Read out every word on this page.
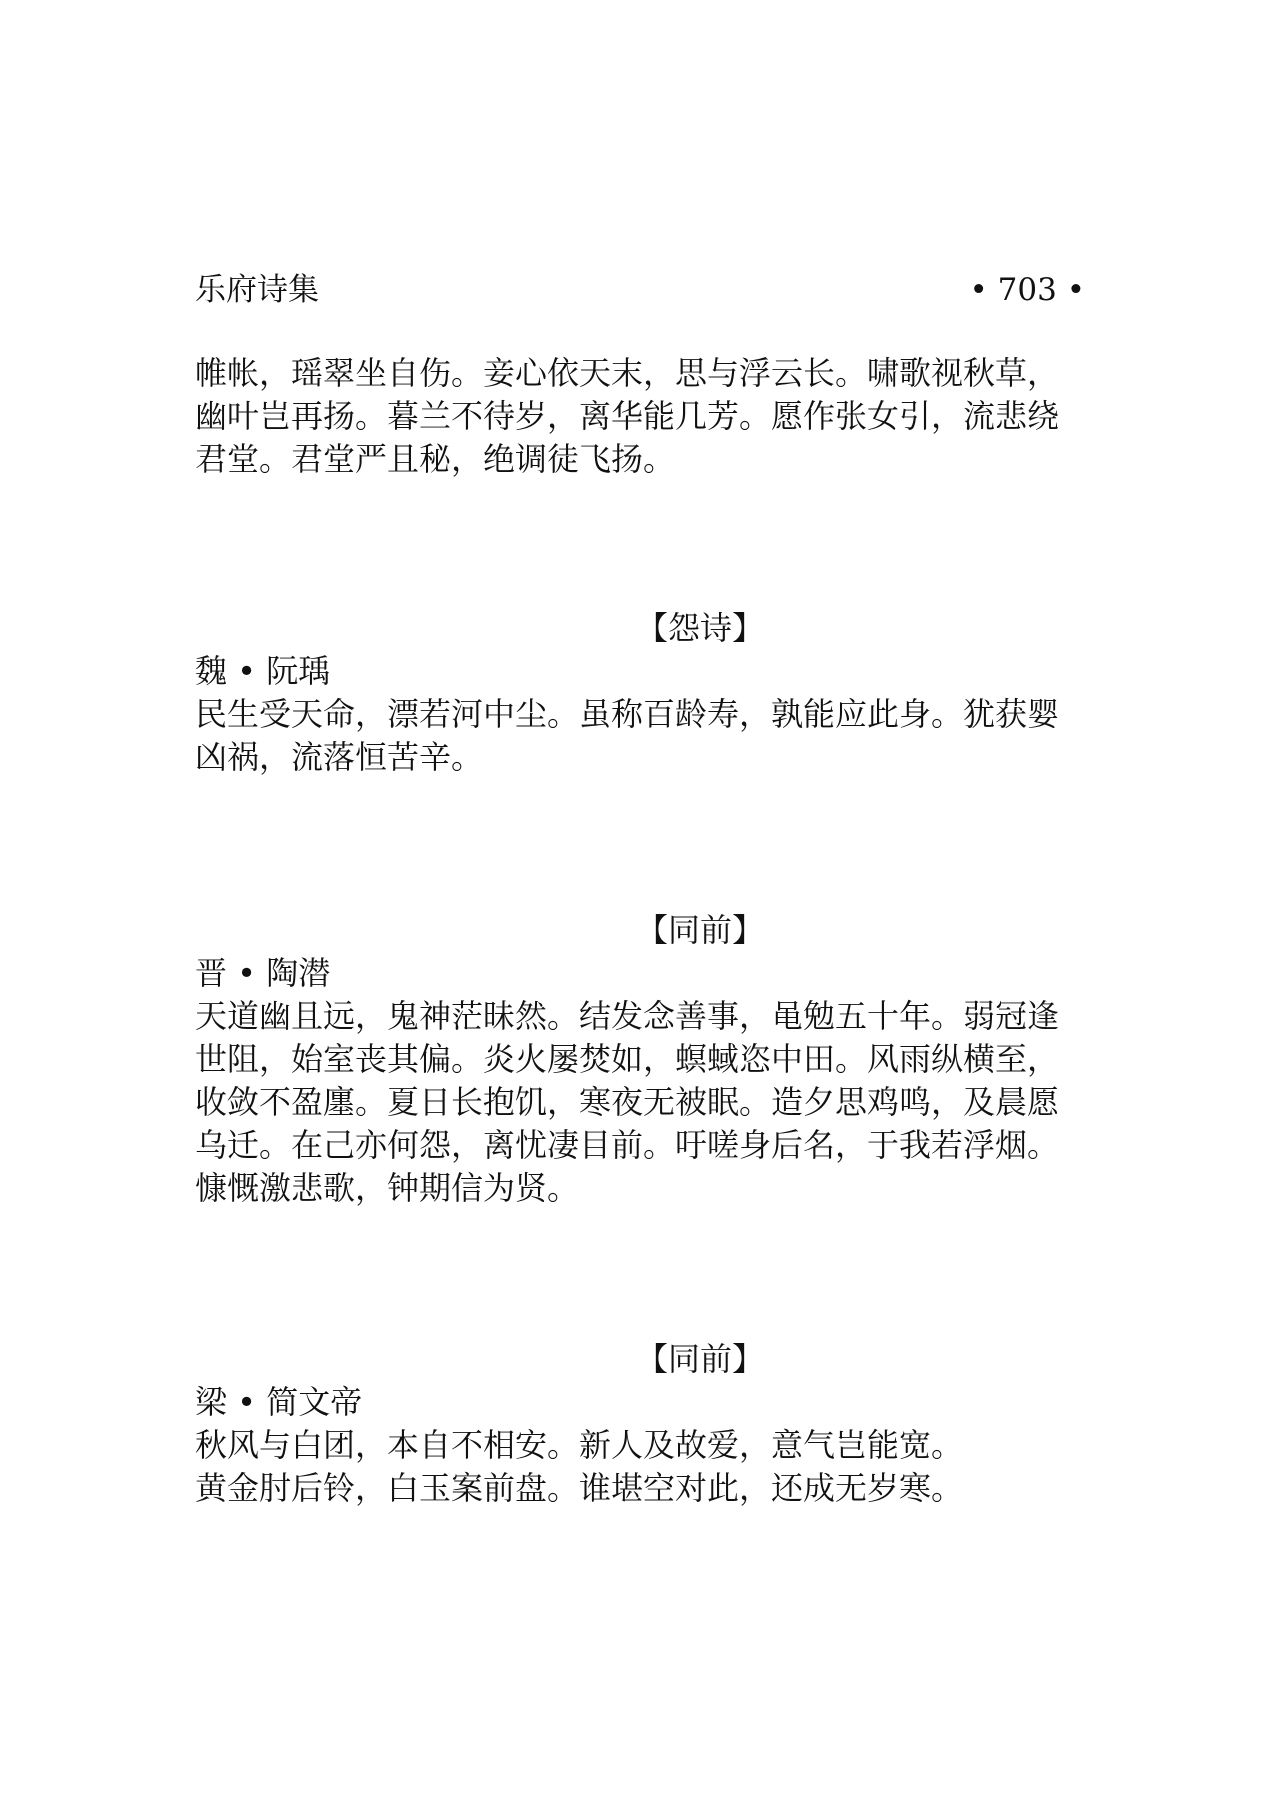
乐府诗集	• 703 •

帷帐，瑶翠坐自伤。妾心依天末，思与浮云长。啸歌视秋草，

幽叶岂再扬。暮兰不待岁，离华能几芳。愿作张女引，流悲绕

君堂。君堂严且秘，绝调徒飞扬。

【怨诗】

魏 • 阮瑀

民生受天命，漂若河中尘。虽称百龄寿，孰能应此身。犹获婴

凶祸，流落恒苦辛。

【同前】

晋 • 陶潜

天道幽且远，鬼神茫昧然。结发念善事，黾勉五十年。弱冠逢

世阻，始室丧其偏。炎火屡焚如，螟蜮恣中田。风雨纵横至，

收敛不盈廛。夏日长抱饥，寒夜无被眠。造夕思鸡鸣，及晨愿

乌迁。在己亦何怨，离忧凄目前。吁嗟身后名，于我若浮烟。

慷慨激悲歌，钟期信为贤。

【同前】

梁 • 简文帝

秋风与白团，本自不相安。新人及故爱，意气岂能宽。

黄金肘后铃，白玉案前盘。谁堪空对此，还成无岁寒。
